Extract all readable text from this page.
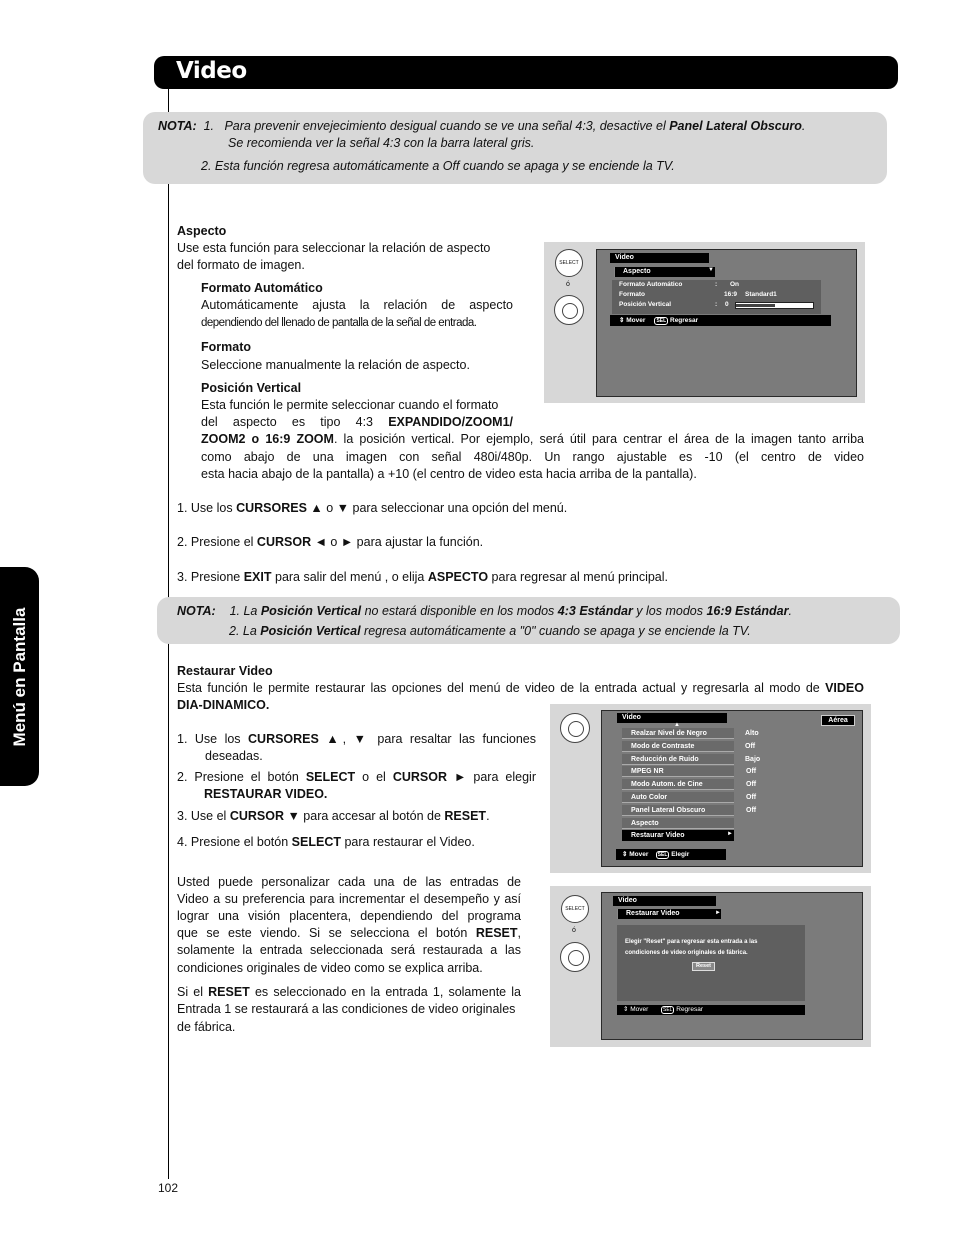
Video
Menú en Pantalla
NOTA: 1. Para prevenir envejecimiento desigual cuando se ve una señal 4:3, desactive el Panel Lateral Obscuro.
Se recomienda ver la señal 4:3 con la barra lateral gris.
2. Esta función regresa automáticamente a Off cuando se apaga y se enciende la TV.
Aspecto
Use esta función para seleccionar la relación de aspecto
del formato de imagen.
Formato Automático
Automáticamente ajusta la relación de aspecto
dependiendo del llenado de pantalla de la señal de entrada.
Formato
Seleccione manualmente la relación de aspecto.
Posición Vertical
Esta función le permite seleccionar cuando el formato
del aspecto es tipo 4:3 EXPANDIDO/ZOOM1/
ZOOM2 o 16:9 ZOOM. la posición vertical. Por ejemplo, será útil para centrar el área de la imagen tanto arriba
como abajo de una imagen con señal 480i/480p. Un rango ajustable es -10 (el centro de video
esta hacia abajo de la pantalla) a +10 (el centro de video esta hacia arriba de la pantalla).
SELECT
ó
Video
Aspecto	▼
Formato Automático	: On
Formato	16:9 Standard1
Posición Vertical	: 0
⇕ Mover SEL Regresar
1. Use los CURSORES ▲ o ▼ para seleccionar una opción del menú.
2. Presione el CURSOR ◄ o ► para ajustar la función.
3. Presione EXIT para salir del menú , o elija ASPECTO para regresar al menú principal.
NOTA: 1. La Posición Vertical no estará disponible en los modos 4:3 Estándar y los modos 16:9 Estándar.
2. La Posición Vertical regresa automáticamente a "0" cuando se apaga y se enciende la TV.
Restaurar Video
Esta función le permite restaurar las opciones del menú de video de la entrada actual y regresarla al modo de VIDEO
DIA-DINAMICO.
1. Use los CURSORES ▲, ▼ para resaltar las funciones
deseadas.
2. Presione el botón SELECT o el CURSOR ► para elegir
RESTAURAR VIDEO.
3. Use el CURSOR ▼ para accesar al botón de RESET.
4. Presione el botón SELECT para restaurar el Video.
Video	Aérea
▲
Realzar Nivel de Negro	Alto
Modo de Contraste	Off
Reducción de Ruido	Bajo
MPEG NR	Off
Modo Autom. de Cine	Off
Auto Color	Off
Panel Lateral Obscuro	Off
Aspecto
Restaurar Video	►
⇕ Mover SEL Elegir
Usted puede personalizar cada una de las entradas de
Video a su preferencia para incrementar el desempeño y así
lograr una visión placentera, dependiendo del programa
que se este viendo. Si se selecciona el botón RESET,
solamente la entrada seleccionada será restaurada a las
condiciones originales de video como se explica arriba.
Si el RESET es seleccionado en la entrada 1, solamente la
Entrada 1 se restaurará a las condiciones de video originales
de fábrica.
SELECT
ó
Video
Restaurar Video	►
Elegir "Reset" para regresar esta entrada a las
condiciones de video originales de fábrica.
Reset
⇕ Mover	SEL Regresar
102
